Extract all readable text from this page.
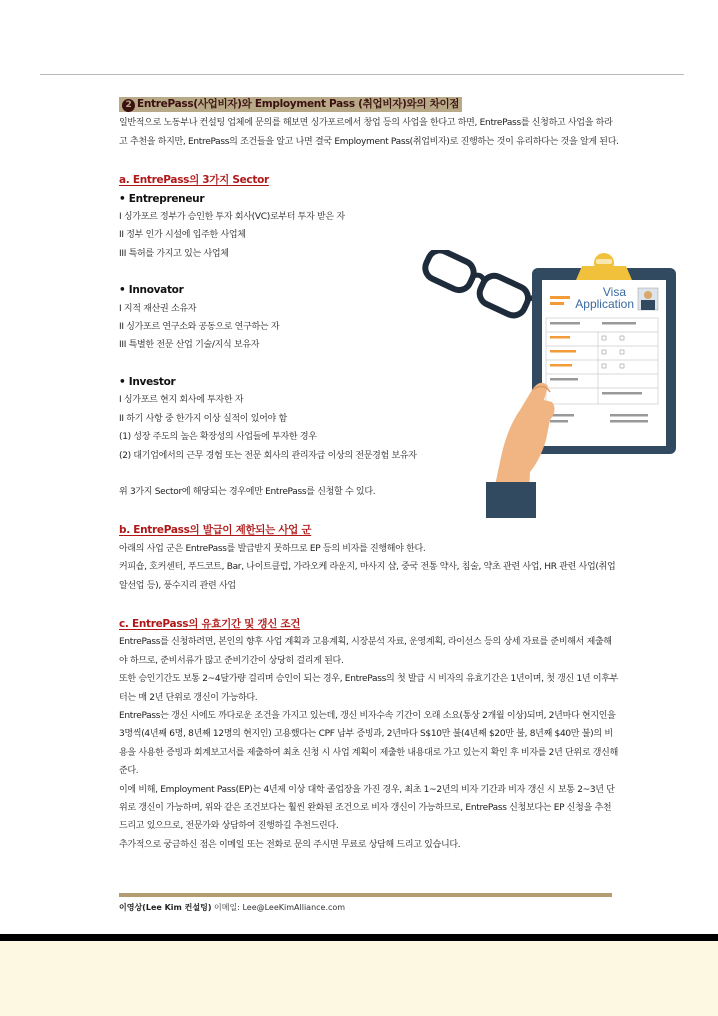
Visa
Application
2 EntrePass(사업비자)와 Employment Pass (취업비자)와의 차이점

일반적으로 노동부나 컨설팅 업체에 문의를 해보면 싱가포르에서 창업 등의 사업을 한다고 하면, EntrePass를 신청하고 사업을 하라고 추천을 하지만, EntrePass의 조건들을 알고 나면 결국 Employment Pass(취업비자)로 진행하는 것이 유리하다는 것을 알게 된다.

a. EntrePass의 3가지 Sector

• Entrepreneur

I 싱가포르 정부가 승인한 투자 회사(VC)로부터 투자 받은 자

II 정부 인가 시설에 입주한 사업체

III 특허를 가지고 있는 사업체

• Innovator

I 지적 재산권 소유자

II 싱가포르 연구소와 공동으로 연구하는 자

III 특별한 전문 산업 기술/지식 보유자

• Investor

I 싱가포르 현지 회사에 투자한 자

II 하기 사항 중 한가지 이상 실적이 있어야 함

(1) 성장 주도의 높은 확장성의 사업들에 투자한 경우

(2) 대기업에서의 근무 경험 또는 전문 회사의 관리자급 이상의 전문경험 보유자

위 3가지 Sector에 해당되는 경우에만 EntrePass를 신청할 수 있다.

b. EntrePass의 발급이 제한되는 사업 군

아래의 사업 군은 EntrePass를 발급받지 못하므로 EP 등의 비자를 진행해야 한다.

커피숍, 호커센터, 푸드코트, Bar, 나이트클럽, 가라오케 라운지, 마사지 샵, 중국 전통 약사, 침술, 약초 관련 사업, HR 관련 사업(취업 알선업 등), 풍수지리 관련 사업

c. EntrePass의 유효기간 및 갱신 조건

EntrePass를 신청하려면, 본인의 향후 사업 계획과 고용계획, 시장분석 자료, 운영계획, 라이선스 등의 상세 자료를 준비해서 제출해야 하므로, 준비서류가 많고 준비기간이 상당히 걸리게 된다.

또한 승인기간도 보통 2~4달가량 걸리며 승인이 되는 경우, EntrePass의 첫 발급 시 비자의 유효기간은 1년이며, 첫 갱신 1년 이후부터는 매 2년 단위로 갱신이 가능하다.

EntrePass는 갱신 시에도 까다로운 조건을 가지고 있는데, 갱신 비자수속 기간이 오래 소요(통상 2개월 이상)되며, 2년마다 현지인을 3명씩(4년째 6명, 8년째 12명의 현지인) 고용했다는 CPF 납부 증빙과, 2년마다 S$10만 불(4년째 $20만 불, 8년째 $40만 불)의 비용을 사용한 증빙과 회계보고서를 제출하여 최초 신청 시 사업 계획이 제출한 내용대로 가고 있는지 확인 후 비자를 2년 단위로 갱신해 준다.

이에 비해, Employment Pass(EP)는 4년제 이상 대학 졸업장을 가진 경우, 최초 1~2년의 비자 기간과 비자 갱신 시 보통 2~3년 단위로 갱신이 가능하며, 위와 같은 조건보다는 훨씬 완화된 조건으로 비자 갱신이 가능하므로, EntrePass 신청보다는 EP 신청을 추천드리고 있으므로, 전문가와 상담하여 진행하길 추천드린다.

추가적으로 궁금하신 점은 이메일 또는 전화로 문의 주시면 무료로 상담해 드리고 있습니다.

이영상(Lee Kim 컨설팅) 이메일: Lee@LeeKimAlliance.com
